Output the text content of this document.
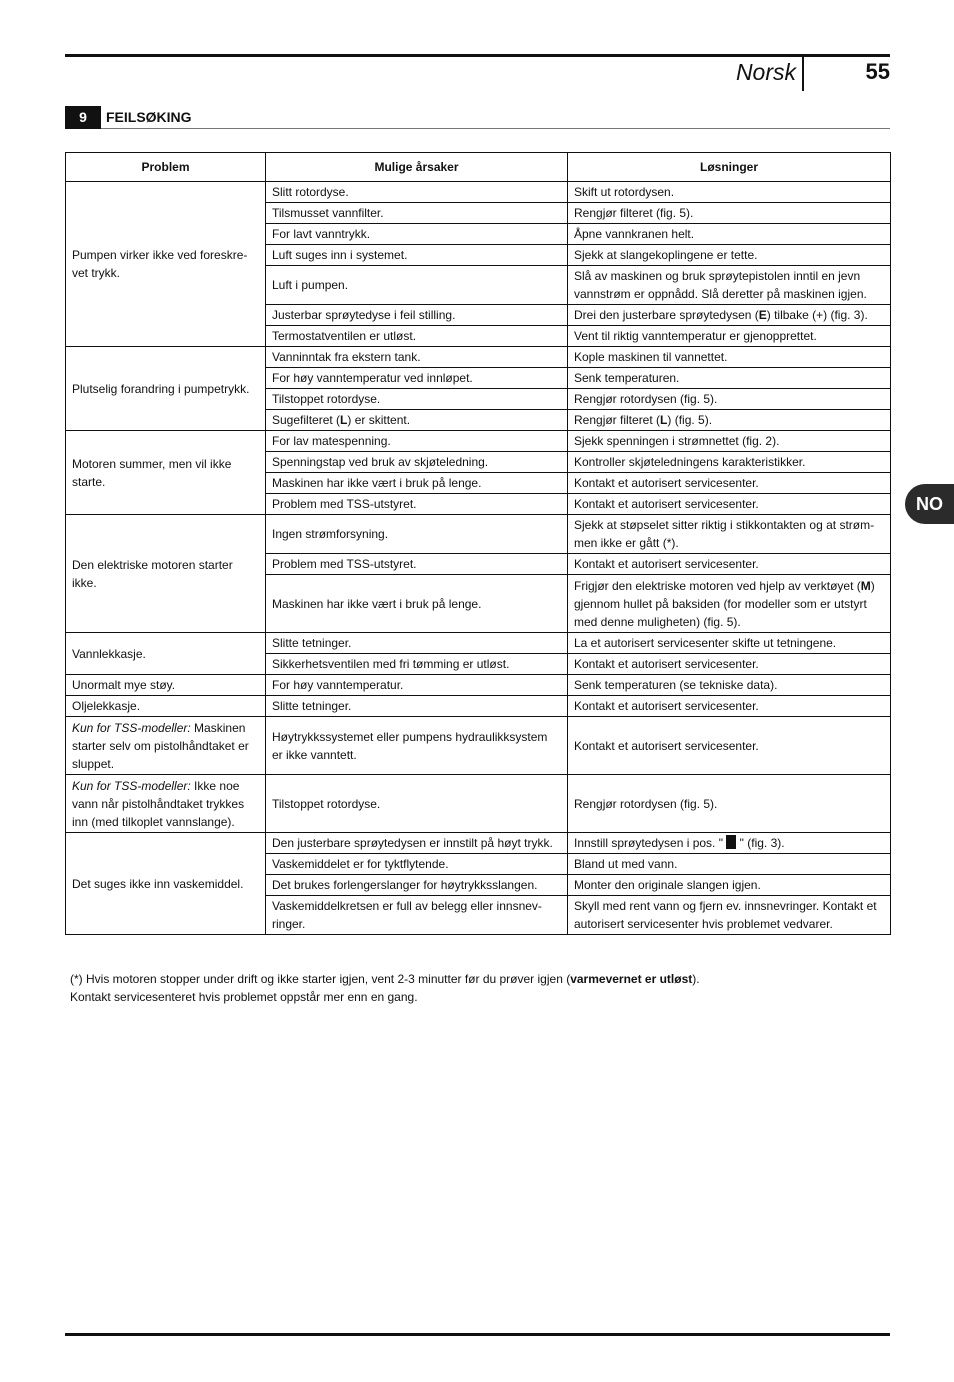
Norsk	55
9	FEILSØKING
NO
Problem	Mulige årsaker	Løsninger
Pumpen virker ikke ved foreskre-vet trykk.	Slitt rotordyse.	Skift ut rotordysen.
	Tilsmusset vannfilter.	Rengjør filteret (fig. 5).
	For lavt vanntrykk.	Åpne vannkranen helt.
	Luft suges inn i systemet.	Sjekk at slangekoplingene er tette.
	Luft i pumpen.	Slå av maskinen og bruk sprøytepistolen inntil en jevn vannstrøm er oppnådd. Slå deretter på maskinen igjen.
	Justerbar sprøytedyse i feil stilling.	Drei den justerbare sprøytedysen (E) tilbake (+) (fig. 3).
	Termostatventilen er utløst.	Vent til riktig vanntemperatur er gjenopprettet.
Plutselig forandring i pumpetrykk.	Vanninntak fra ekstern tank.	Kople maskinen til vannettet.
	For høy vanntemperatur ved innløpet.	Senk temperaturen.
	Tilstoppet rotordyse.	Rengjør rotordysen (fig. 5).
	Sugefilteret (L) er skittent.	Rengjør filteret (L) (fig. 5).
Motoren summer, men vil ikke starte.	For lav matespenning.	Sjekk spenningen i strømnettet (fig. 2).
	Spenningstap ved bruk av skjøteledning.	Kontroller skjøteledningens karakteristikker.
	Maskinen har ikke vært i bruk på lenge.	Kontakt et autorisert servicesenter.
	Problem med TSS-utstyret.	Kontakt et autorisert servicesenter.
Den elektriske motoren starter ikke.	Ingen strømforsyning.	Sjekk at støpselet sitter riktig i stikkontakten og at strøm-men ikke er gått (*).
	Problem med TSS-utstyret.	Kontakt et autorisert servicesenter.
	Maskinen har ikke vært i bruk på lenge.	Frigjør den elektriske motoren ved hjelp av verktøyet (M) gjennom hullet på baksiden (for modeller som er utstyrt med denne muligheten) (fig. 5).
Vannlekkasje.	Slitte tetninger.	La et autorisert servicesenter skifte ut tetningene.
	Sikkerhetsventilen med fri tømming er utløst.	Kontakt et autorisert servicesenter.
Unormalt mye støy.	For høy vanntemperatur.	Senk temperaturen (se tekniske data).
Oljelekkasje.	Slitte tetninger.	Kontakt et autorisert servicesenter.
Kun for TSS-modeller: Maskinen starter selv om pistolhåndtaket er sluppet.	Høytrykkssystemet eller pumpens hydraulikksystem er ikke vanntett.	Kontakt et autorisert servicesenter.
Kun for TSS-modeller: Ikke noe vann når pistolhåndtaket trykkes inn (med tilkoplet vannslange).	Tilstoppet rotordyse.	Rengjør rotordysen (fig. 5).
Det suges ikke inn vaskemiddel.	Den justerbare sprøytedysen er innstilt på høyt trykk.	Innstill sprøytedysen i pos. "  " (fig. 3).
	Vaskemiddelet er for tyktflytende.	Bland ut med vann.
	Det brukes forlengerslanger for høytrykksslangen.	Monter den originale slangen igjen.
	Vaskemiddelkretsen er full av belegg eller innsnev-ringer.	Skyll med rent vann og fjern ev. innsnevringer. Kontakt et autorisert servicesenter hvis problemet vedvarer.
(*) Hvis motoren stopper under drift og ikke starter igjen, vent 2-3 minutter før du prøver igjen (varmevernet er utløst).
Kontakt servicesenteret hvis problemet oppstår mer enn en gang.
